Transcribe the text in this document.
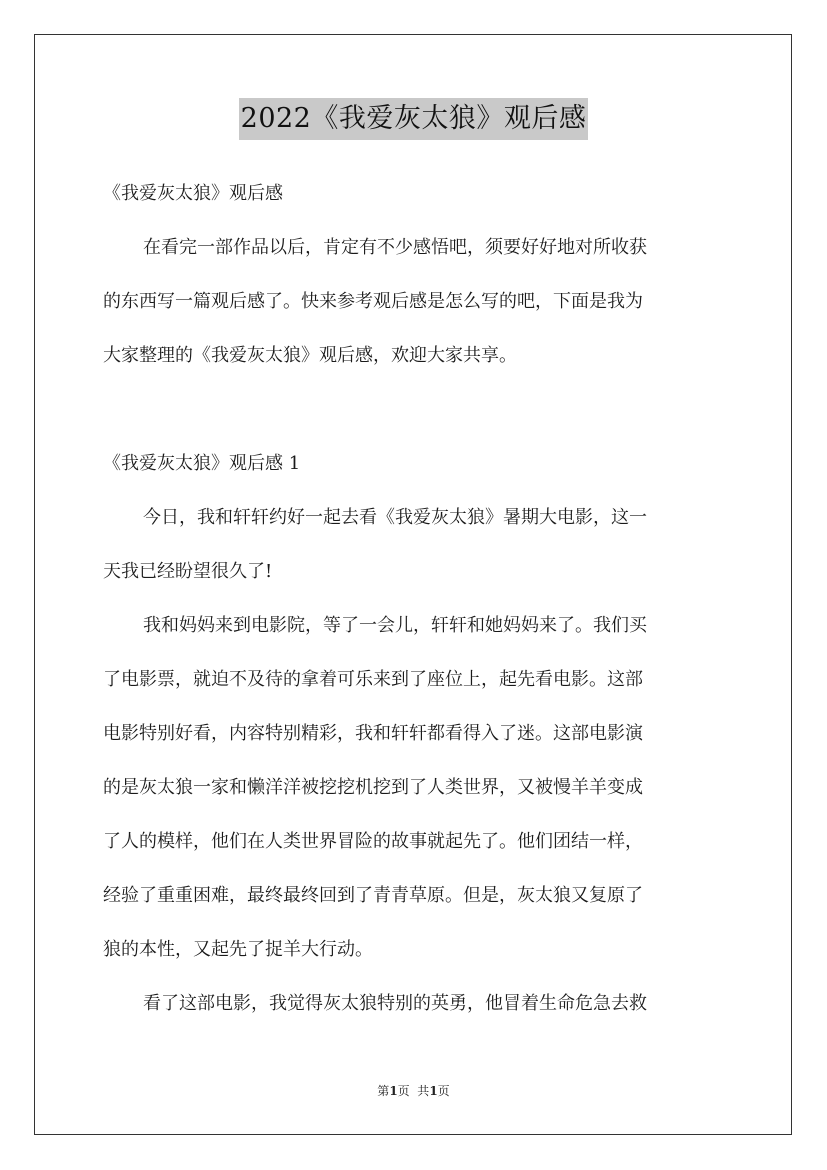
2022《我爱灰太狼》观后感
《我爱灰太狼》观后感
在看完一部作品以后，肯定有不少感悟吧，须要好好地对所收获
的东西写一篇观后感了。快来参考观后感是怎么写的吧，下面是我为
大家整理的《我爱灰太狼》观后感，欢迎大家共享。
《我爱灰太狼》观后感 1
今日，我和轩轩约好一起去看《我爱灰太狼》暑期大电影，这一
天我已经盼望很久了!
我和妈妈来到电影院，等了一会儿，轩轩和她妈妈来了。我们买
了电影票，就迫不及待的拿着可乐来到了座位上，起先看电影。这部
电影特别好看，内容特别精彩，我和轩轩都看得入了迷。这部电影演
的是灰太狼一家和懒洋洋被挖挖机挖到了人类世界，又被慢羊羊变成
了人的模样，他们在人类世界冒险的故事就起先了。他们团结一样，
经验了重重困难，最终最终回到了青青草原。但是，灰太狼又复原了
狼的本性，又起先了捉羊大行动。
看了这部电影，我觉得灰太狼特别的英勇，他冒着生命危急去救
第1页  共1页
